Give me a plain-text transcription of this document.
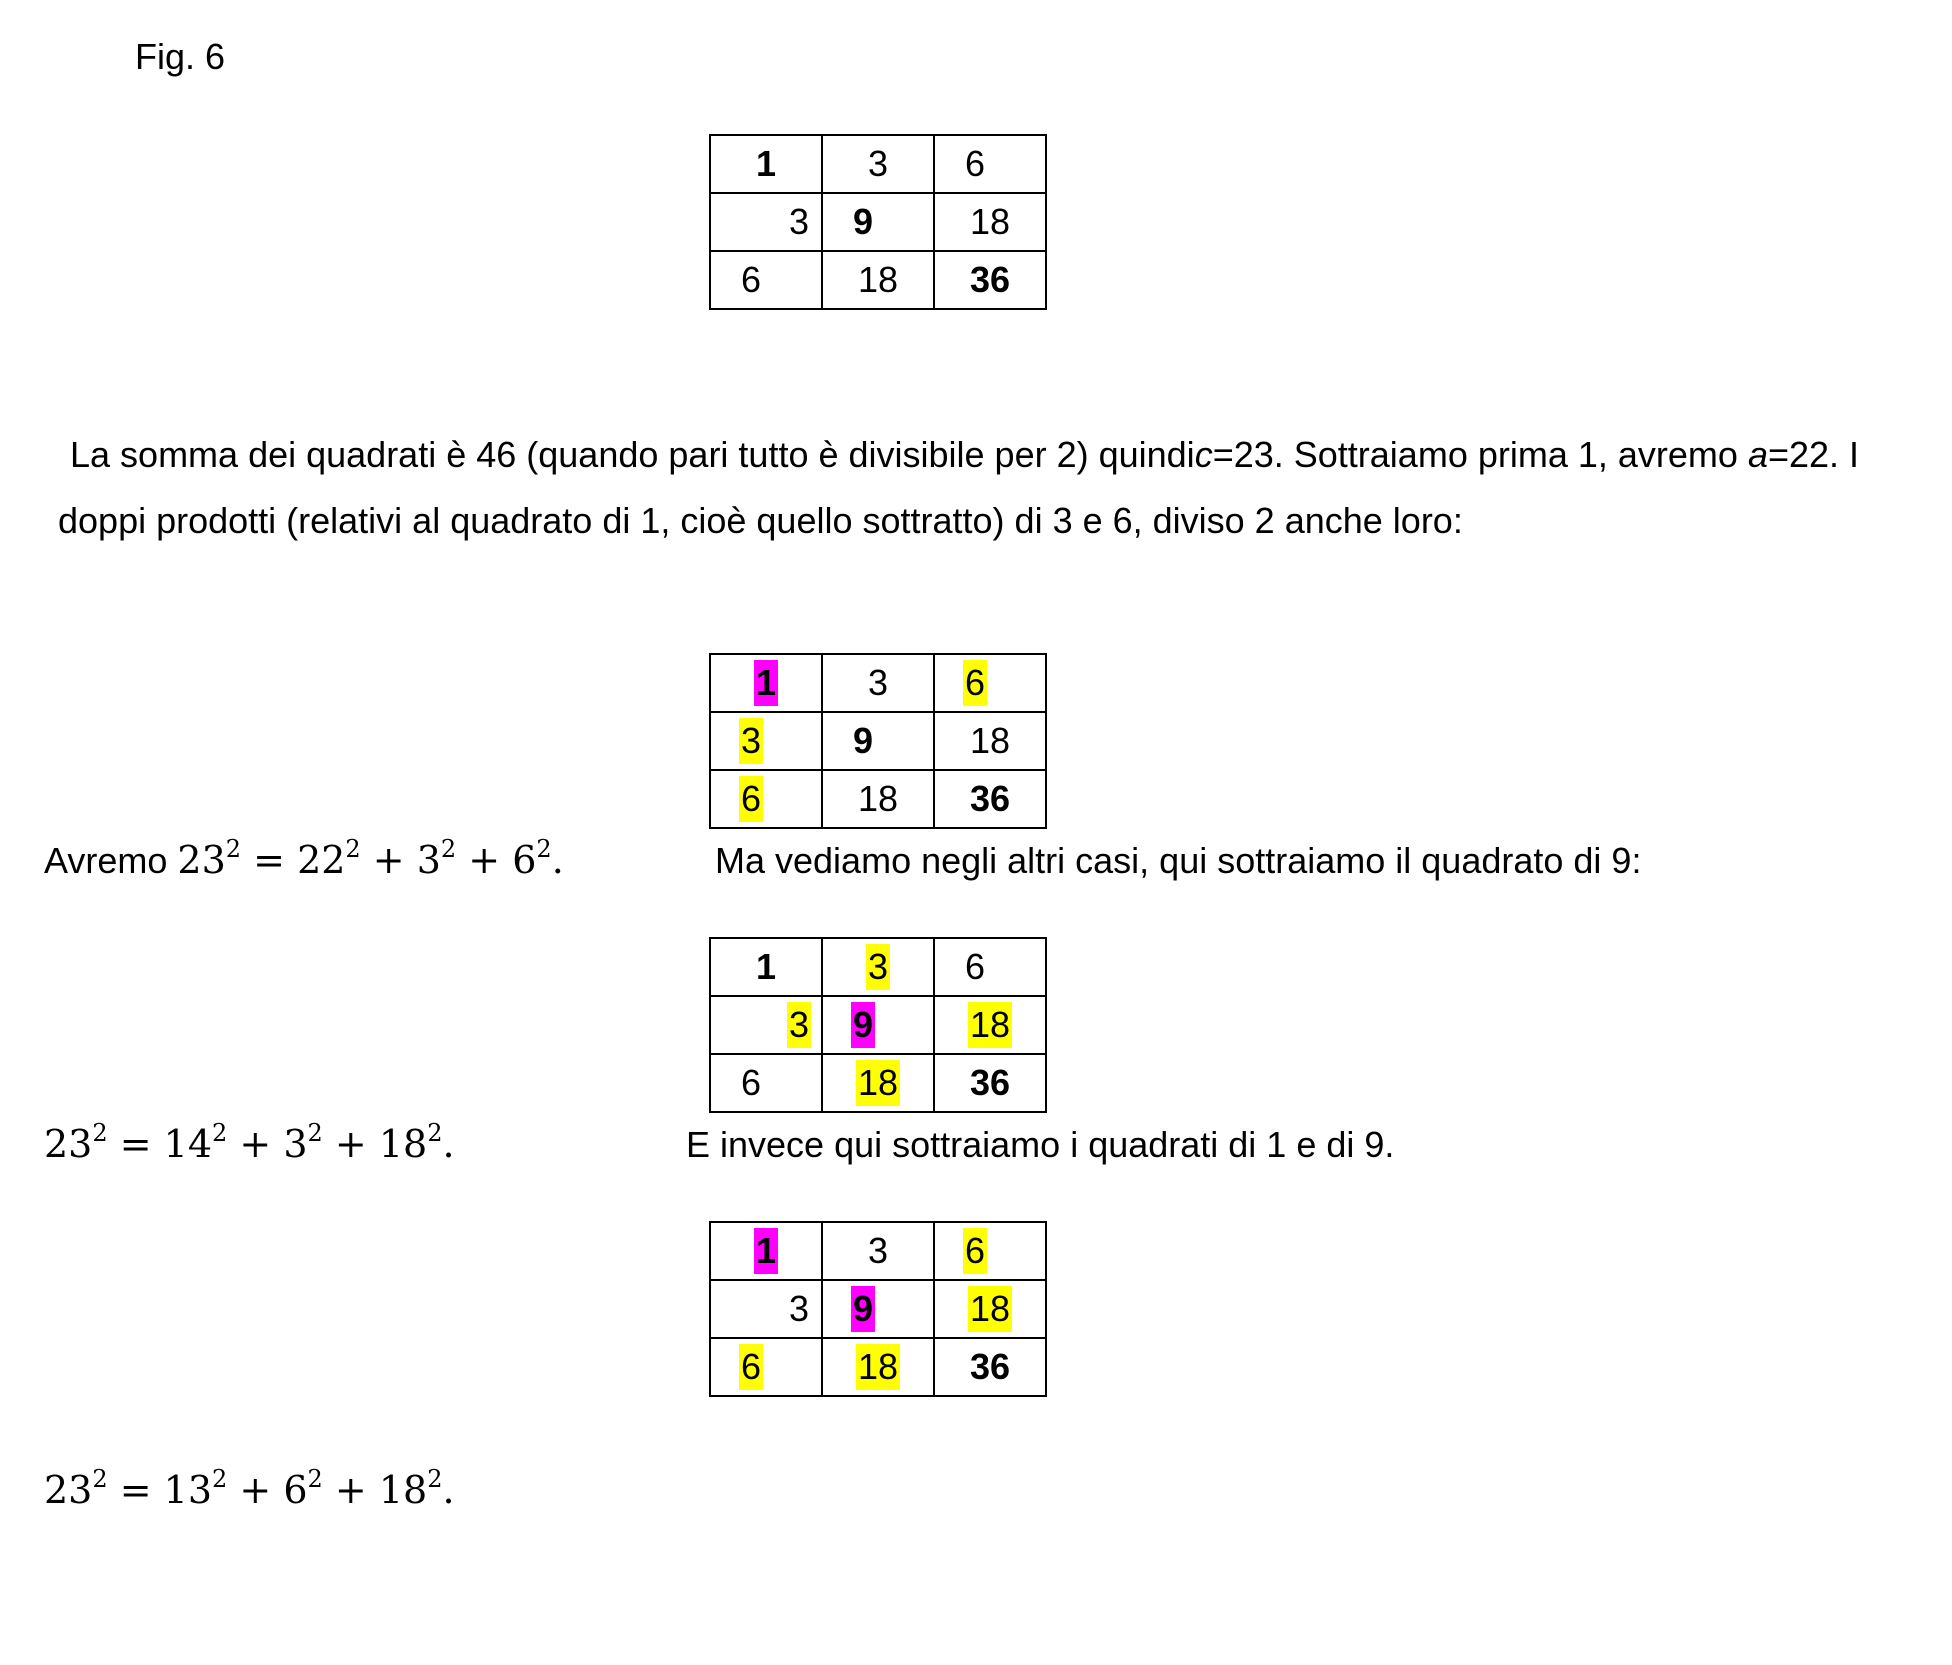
Fig. 6
1	3	6

3	9	18

6	18	36
La somma dei quadrati è 46 (quando pari tutto è divisibile per 2) quindic=23. Sottraiamo prima 1, avremo a=22. I doppi prodotti (relativi al quadrato di 1, cioè quello sottratto) di 3 e 6, diviso 2 anche loro:
1	3	6

3	9	18

6	18	36
Avremo $23^2 = 22^2 + 3^2 + 6^2$.	Ma vediamo negli altri casi, qui sottraiamo il quadrato di 9:
1	3	6

3	9	18

6	18	36
$23^2 = 14^2 + 3^2 + 18^2$.	E invece qui sottraiamo i quadrati di 1 e di 9.
1	3	6

3	9	18

6	18	36
$23^2 = 13^2 + 6^2 + 18^2$.
